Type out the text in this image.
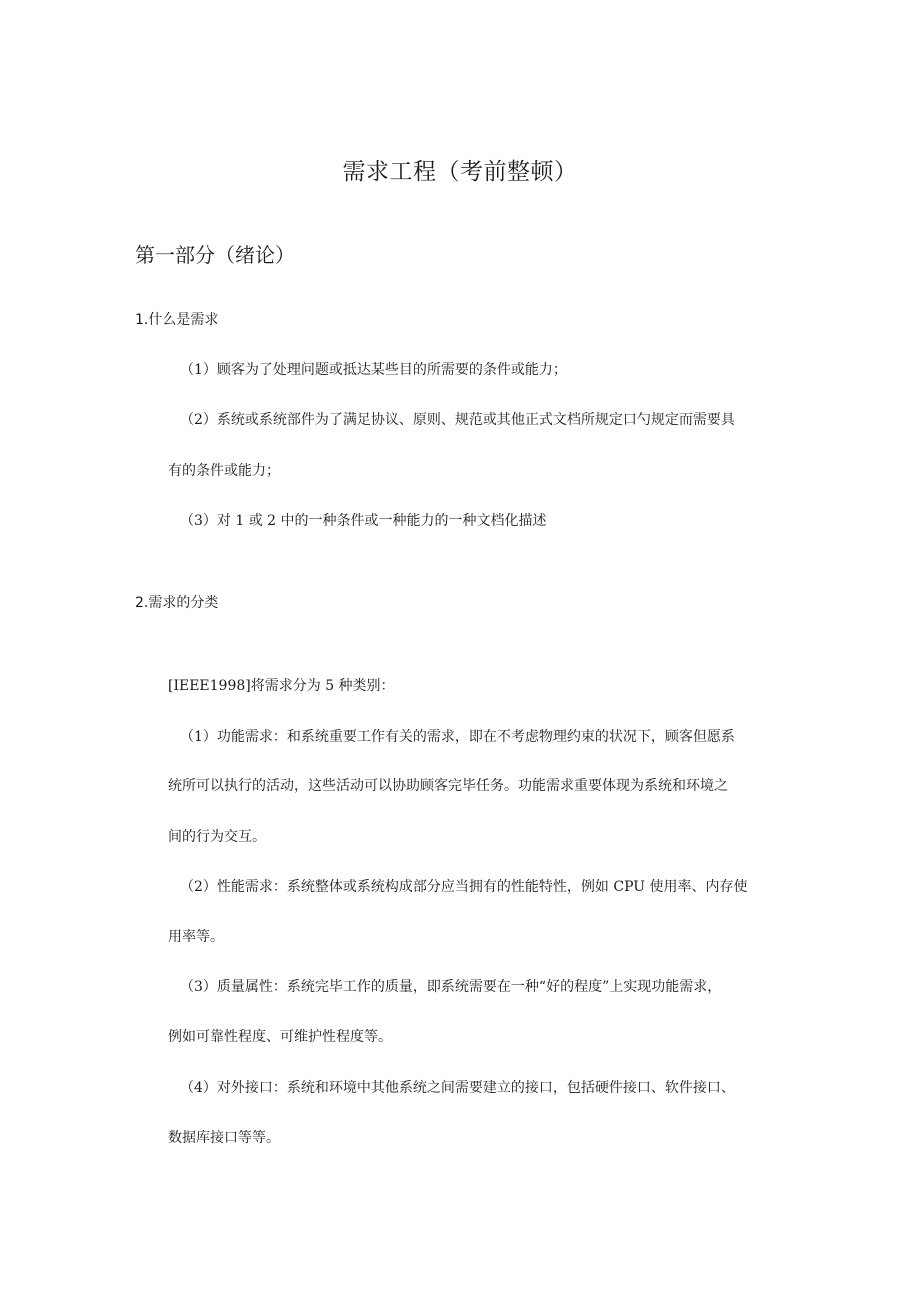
需求工程（考前整顿）
第一部分（绪论）
1.什么是需求
（1）顾客为了处理问题或抵达某些目的所需要的条件或能力；
（2）系统或系统部件为了满足协议、原则、规范或其他正式文档所规定口勺规定而需要具
有的条件或能力；
（3）对 1 或 2 中的一种条件或一种能力的一种文档化描述
2.需求的分类
[IEEE1998]将需求分为 5 种类别：
（1）功能需求：和系统重要工作有关的需求，即在不考虑物理约束的状况下，顾客但愿系
统所可以执行的活动，这些活动可以协助顾客完毕任务。功能需求重要体现为系统和环境之
间的行为交互。
（2）性能需求：系统整体或系统构成部分应当拥有的性能特性，例如 CPU 使用率、内存使
用率等。
（3）质量属性：系统完毕工作的质量，即系统需要在一种“好的程度”上实现功能需求，
例如可靠性程度、可维护性程度等。
（4）对外接口：系统和环境中其他系统之间需要建立的接口，包括硬件接口、软件接口、
数据库接口等等。
